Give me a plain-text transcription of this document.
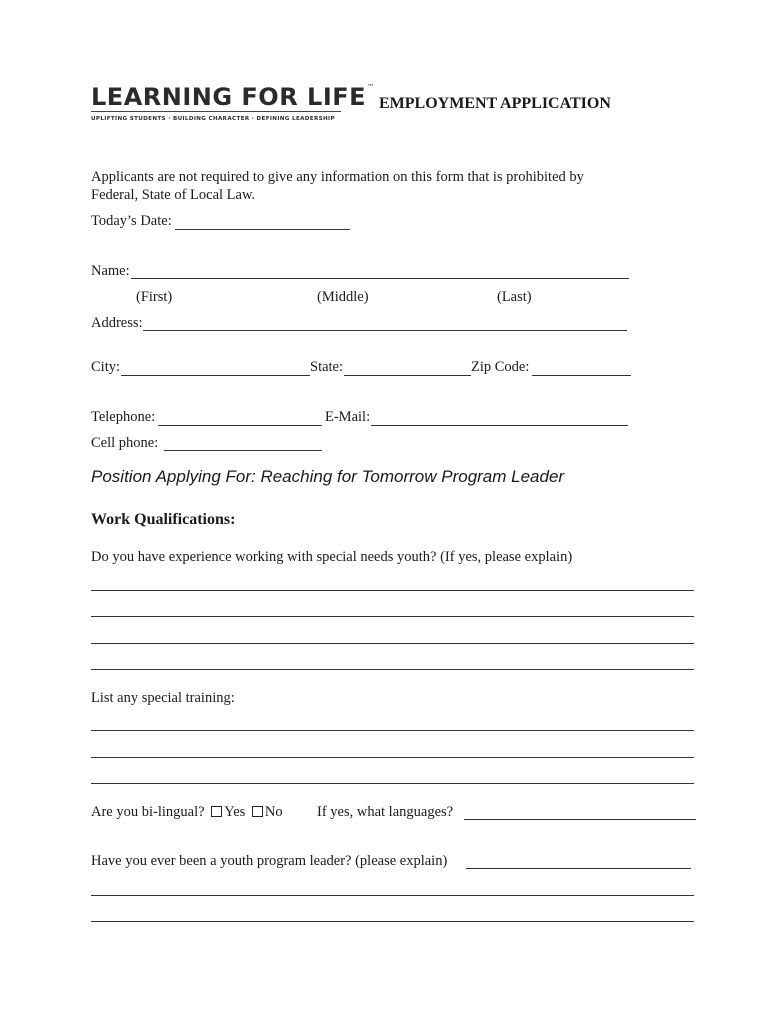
LEARNING FOR LIFE™
UPLIFTING STUDENTS · BUILDING CHARACTER · DEFINING LEADERSHIP
EMPLOYMENT APPLICATION
Applicants are not required to give any information on this form that is prohibited by
Federal, State of Local Law.
Today’s Date:
Name:
(First)	(Middle)	(Last)
Address:
City:	State:	Zip Code:
Telephone:	E-Mail:
Cell phone:
Position Applying For: Reaching for Tomorrow Program Leader
Work Qualifications:
Do you have experience working with special needs youth? (If yes, please explain)
List any special training:
Are you bi-lingual? Yes No If yes, what languages?
Have you ever been a youth program leader? (please explain)
